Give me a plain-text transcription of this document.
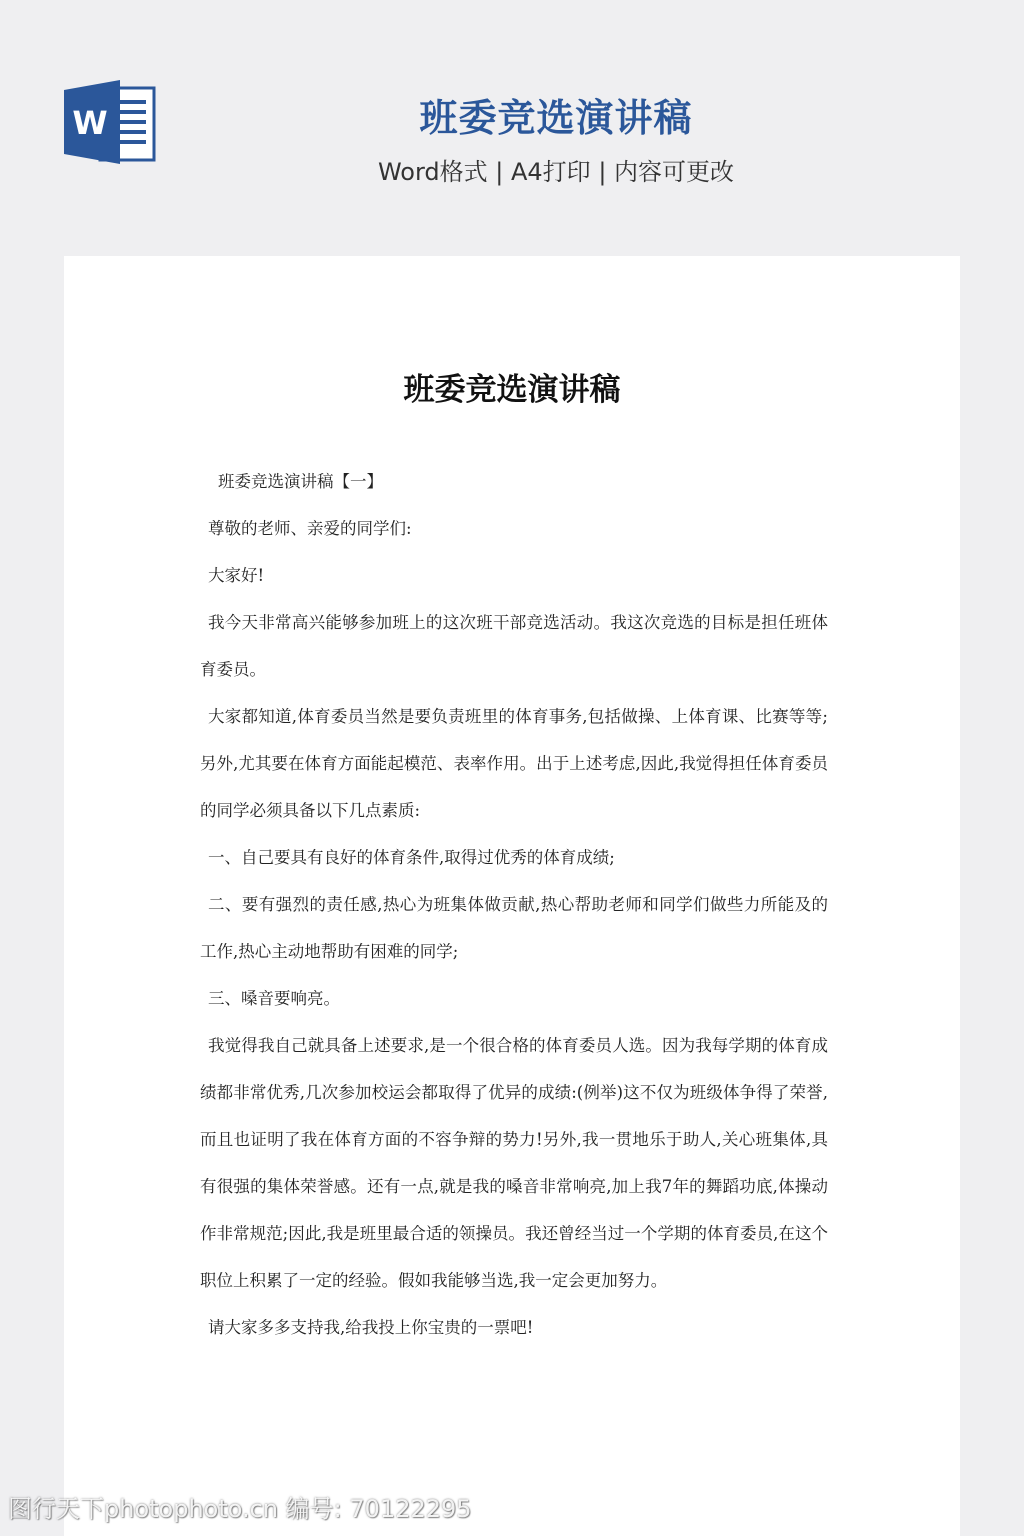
W	班委竞选演讲稿
Word格式 | A4打印 | 内容可更改
班委竞选演讲稿

班委竞选演讲稿【一】

尊敬的老师、亲爱的同学们:

大家好!

我今天非常高兴能够参加班上的这次班干部竞选活动。我这次竞选的目标是担任班体育委员。

大家都知道,体育委员当然是要负责班里的体育事务,包括做操、上体育课、比赛等等;另外,尤其要在体育方面能起模范、表率作用。出于上述考虑,因此,我觉得担任体育委员的同学必须具备以下几点素质:

一、自己要具有良好的体育条件,取得过优秀的体育成绩;

二、要有强烈的责任感,热心为班集体做贡献,热心帮助老师和同学们做些力所能及的工作,热心主动地帮助有困难的同学;

三、嗓音要响亮。

我觉得我自己就具备上述要求,是一个很合格的体育委员人选。因为我每学期的体育成绩都非常优秀,几次参加校运会都取得了优异的成绩:(例举)这不仅为班级体争得了荣誉,而且也证明了我在体育方面的不容争辩的势力!另外,我一贯地乐于助人,关心班集体,具有很强的集体荣誉感。还有一点,就是我的嗓音非常响亮,加上我7年的舞蹈功底,体操动作非常规范;因此,我是班里最合适的领操员。我还曾经当过一个学期的体育委员,在这个职位上积累了一定的经验。假如我能够当选,我一定会更加努力。

请大家多多支持我,给我投上你宝贵的一票吧!

图行天下photophoto.cn 编号: 70122295
